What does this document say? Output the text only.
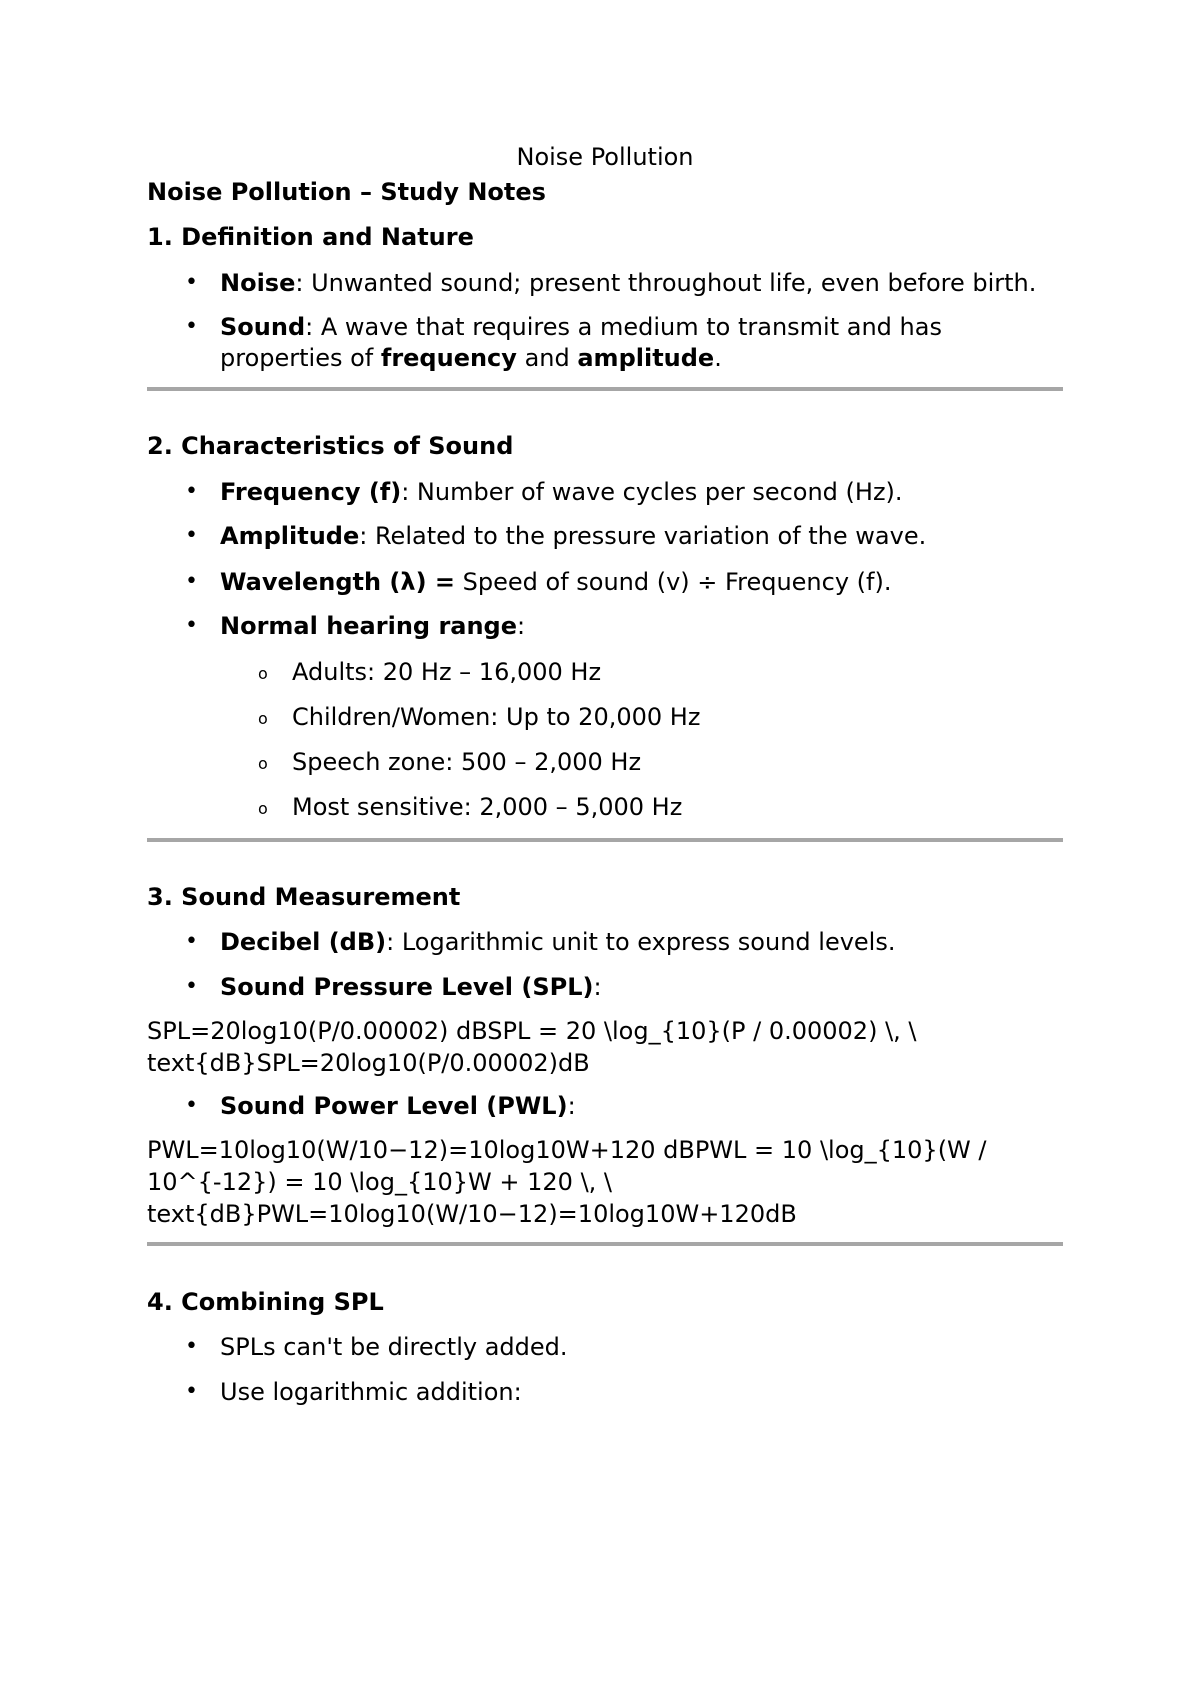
Noise Pollution
Noise Pollution – Study Notes
1. Definition and Nature
• Noise: Unwanted sound; present throughout life, even before birth.
• Sound: A wave that requires a medium to transmit and has
properties of frequency and amplitude.
2. Characteristics of Sound
• Frequency (f): Number of wave cycles per second (Hz).
• Amplitude: Related to the pressure variation of the wave.
• Wavelength (λ) = Speed of sound (v) ÷ Frequency (f).
• Normal hearing range:
o Adults: 20 Hz – 16,000 Hz
o Children/Women: Up to 20,000 Hz
o Speech zone: 500 – 2,000 Hz
o Most sensitive: 2,000 – 5,000 Hz
3. Sound Measurement
• Decibel (dB): Logarithmic unit to express sound levels.
• Sound Pressure Level (SPL):
SPL=20log10(P/0.00002) dBSPL = 20 \log_{10}(P / 0.00002) \, \
text{dB}SPL=20log10(P/0.00002)dB
• Sound Power Level (PWL):
PWL=10log10(W/10−12)=10log10W+120 dBPWL = 10 \log_{10}(W /
10^{-12}) = 10 \log_{10}W + 120 \, \
text{dB}PWL=10log10(W/10−12)=10log10W+120dB
4. Combining SPL
• SPLs can't be directly added.
• Use logarithmic addition:
